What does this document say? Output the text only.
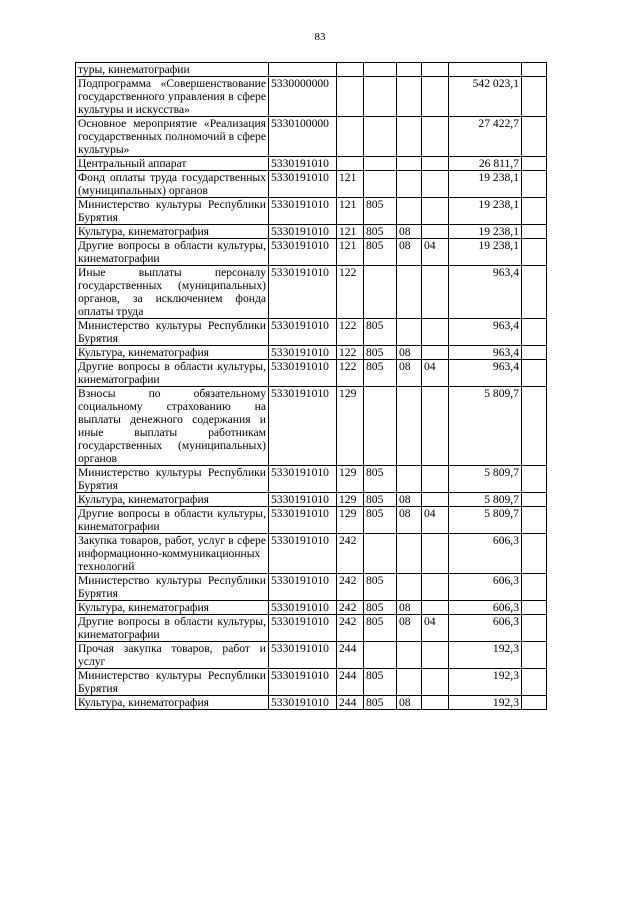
83
туры, кинематографии							
Подпрограмма «Совершенствование государственного управления в сфере культуры и искусства»	5330000000					542 023,1	
Основное мероприятие «Реализация государственных полномочий в сфере культуры»	5330100000					27 422,7	
Центральный аппарат	5330191010					26 811,7	
Фонд оплаты труда государственных (муниципальных) органов	5330191010	121				19 238,1	
Министерство культуры Республики Бурятия	5330191010	121	805			19 238,1	
Культура, кинематография	5330191010	121	805	08		19 238,1	
Другие вопросы в области культуры, кинематографии	5330191010	121	805	08	04	19 238,1	
Иные выплаты персоналу государственных (муниципальных) органов, за исключением фонда оплаты труда	5330191010	122				963,4	
Министерство культуры Республики Бурятия	5330191010	122	805			963,4	
Культура, кинематография	5330191010	122	805	08		963,4	
Другие вопросы в области культуры, кинематографии	5330191010	122	805	08	04	963,4	
Взносы по обязательному социальному страхованию на выплаты денежного содержания и иные выплаты работникам государственных (муниципальных) органов	5330191010	129				5 809,7	
Министерство культуры Республики Бурятия	5330191010	129	805			5 809,7	
Культура, кинематография	5330191010	129	805	08		5 809,7	
Другие вопросы в области культуры, кинематографии	5330191010	129	805	08	04	5 809,7	
Закупка товаров, работ, услуг в сфере информационно-коммуникационных технологий	5330191010	242				606,3	
Министерство культуры Республики Бурятия	5330191010	242	805			606,3	
Культура, кинематография	5330191010	242	805	08		606,3	
Другие вопросы в области культуры, кинематографии	5330191010	242	805	08	04	606,3	
Прочая закупка товаров, работ и услуг	5330191010	244				192,3	
Министерство культуры Республики Бурятия	5330191010	244	805			192,3	
Культура, кинематография	5330191010	244	805	08		192,3	
